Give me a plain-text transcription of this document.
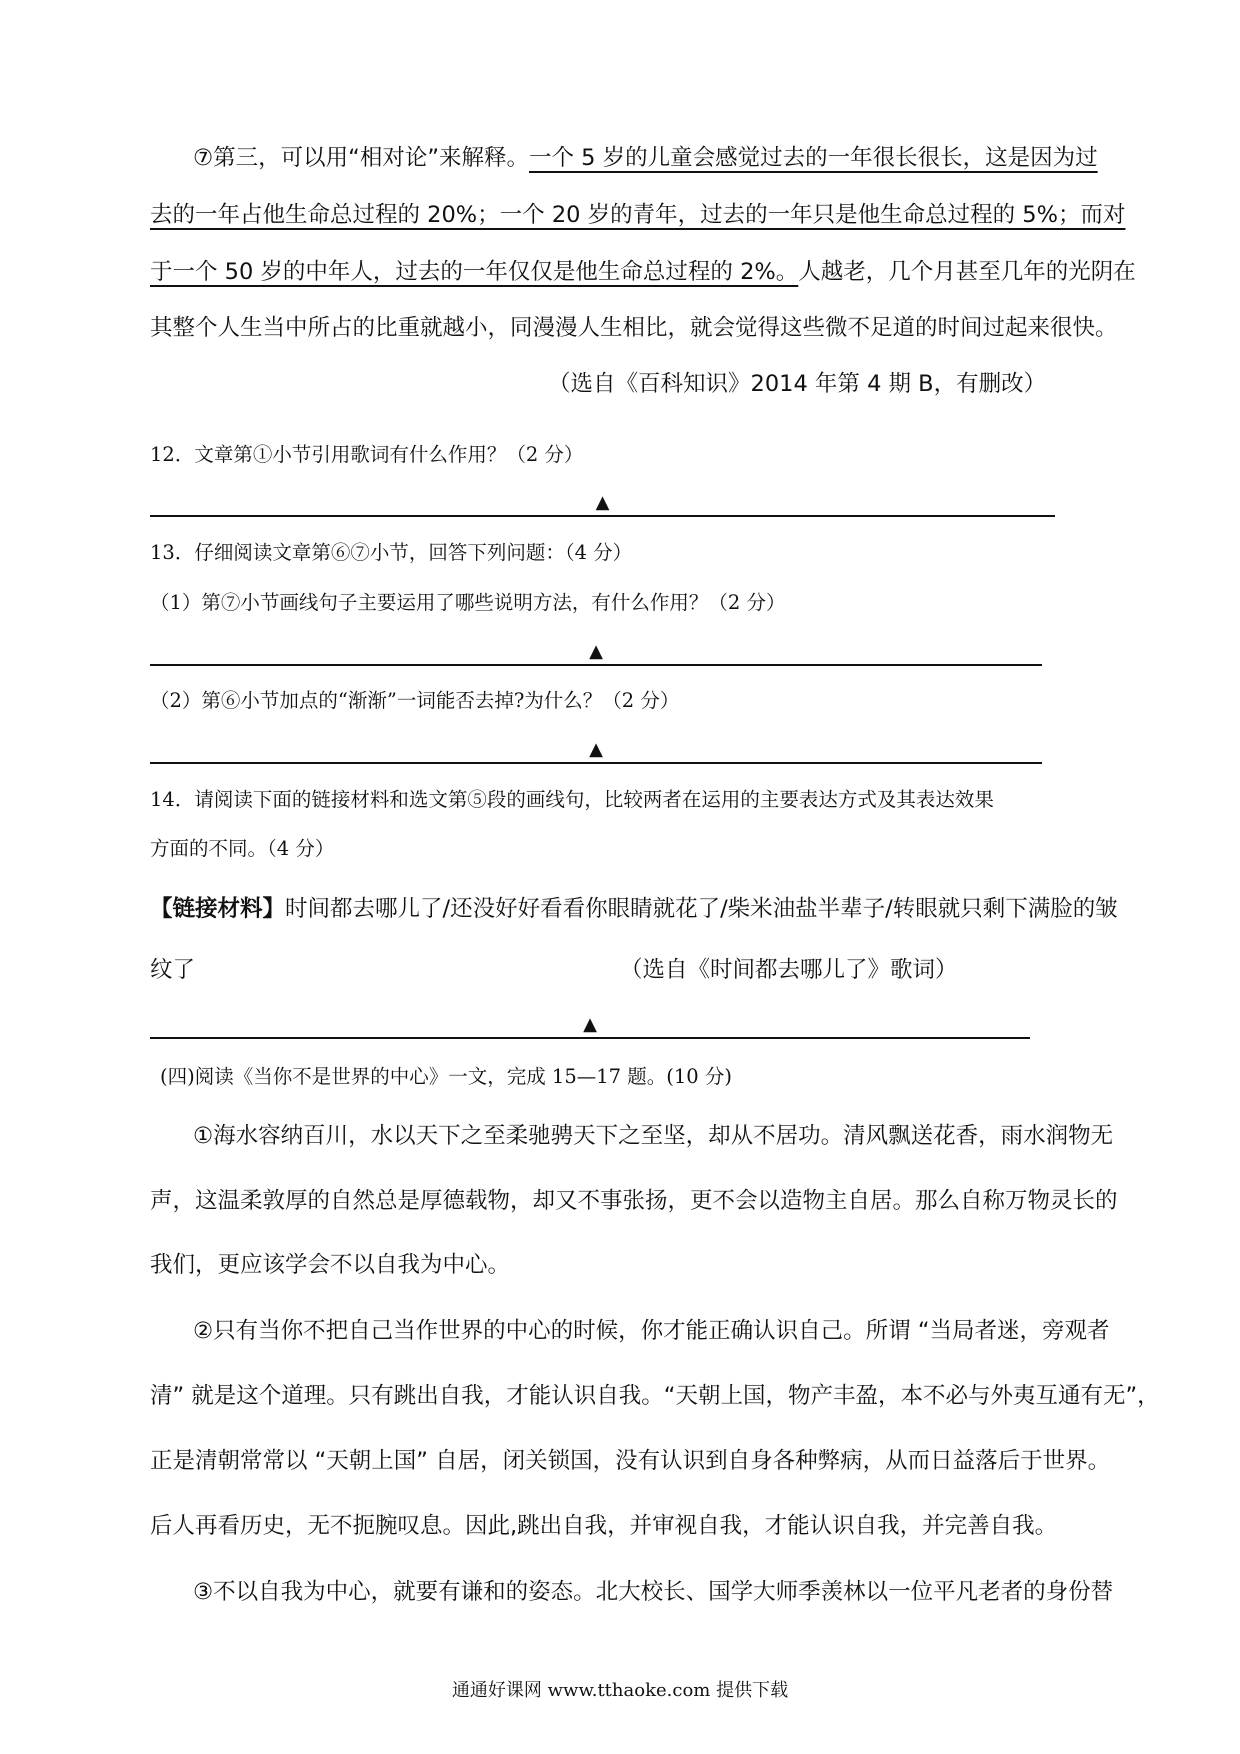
⑦第三，可以用“相对论”来解释。一个 5 岁的儿童会感觉过去的一年很长很长，这是因为过
去的一年占他生命总过程的 20%；一个 20 岁的青年，过去的一年只是他生命总过程的 5%；而对
于一个 50 岁的中年人，过去的一年仅仅是他生命总过程的 2%。人越老，几个月甚至几年的光阴在
其整个人生当中所占的比重就越小，同漫漫人生相比，就会觉得这些微不足道的时间过起来很快。
（选自《百科知识》2014 年第 4 期 B，有删改）
12．文章第①小节引用歌词有什么作用？（2 分）
▲
13．仔细阅读文章第⑥⑦小节，回答下列问题：（4 分）
（1）第⑦小节画线句子主要运用了哪些说明方法，有什么作用？（2 分）
▲
（2）第⑥小节加点的“渐渐”一词能否去掉?为什么？（2 分）
▲
14．请阅读下面的链接材料和选文第⑤段的画线句，比较两者在运用的主要表达方式及其表达效果
方面的不同。（4 分）
【链接材料】时间都去哪儿了/还没好好看看你眼睛就花了/柴米油盐半辈子/转眼就只剩下满脸的皱
纹了	（选自《时间都去哪儿了》歌词）
▲
(四)阅读《当你不是世界的中心》一文，完成 15—17 题。(10 分)
①海水容纳百川，水以天下之至柔驰骋天下之至坚，却从不居功。清风飘送花香，雨水润物无
声，这温柔敦厚的自然总是厚德载物，却又不事张扬，更不会以造物主自居。那么自称万物灵长的
我们，更应该学会不以自我为中心。
②只有当你不把自己当作世界的中心的时候，你才能正确认识自己。所谓 “当局者迷，旁观者
清” 就是这个道理。只有跳出自我，才能认识自我。“天朝上国，物产丰盈，本不必与外夷互通有无”，
正是清朝常常以 “天朝上国” 自居，闭关锁国，没有认识到自身各种弊病，从而日益落后于世界。
后人再看历史，无不扼腕叹息。因此,跳出自我，并审视自我，才能认识自我，并完善自我。
③不以自我为中心，就要有谦和的姿态。北大校长、国学大师季羡林以一位平凡老者的身份替
通通好课网 www.tthaoke.com 提供下载
